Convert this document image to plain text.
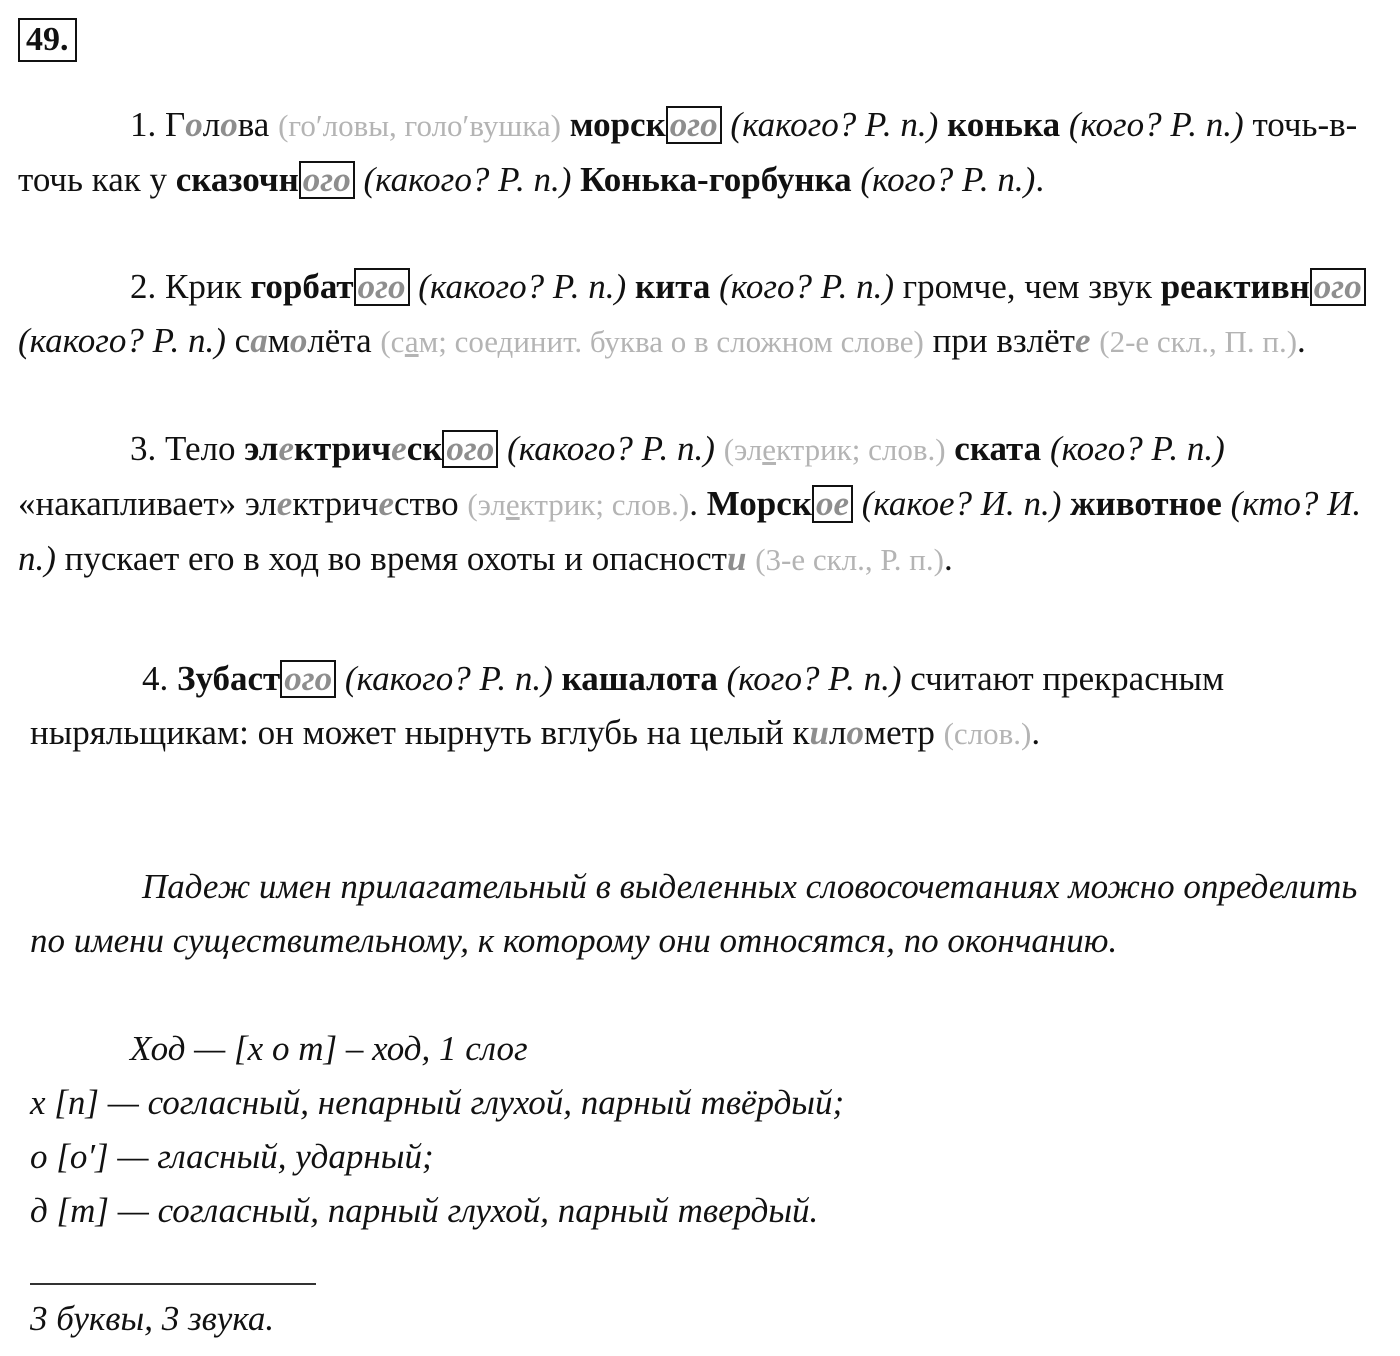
49.

1. Голова (го′ловы, голо′вушка) морск ого (какого? Р. п.) конька (кого? Р. п.) точь-в-точь как у сказочн ого (какого? Р. п.) Конька-горбунка (кого? Р. п.).

2. Крик горбат ого (какого? Р. п.) кита (кого? Р. п.) громче, чем звук реактивн ого (какого? Р. п.) самолёта (сам; соединит. буква о в сложном слове) при взлёте (2-е скл., П. п.).

3. Тело электрическ ого (какого? Р. п.) (электрик; слов.) ската (кого? Р. п.) «накапливает» электричество (электрик; слов.). Морск ое (какое? И. п.) животное (кто? И. п.) пускает его в ход во время охоты и опасности (3-е скл., Р. п.).

4. Зубаст ого (какого? Р. п.) кашалота (кого? Р. п.) считают прекрасным ныряльщикам: он может нырнуть вглубь на целый километр (слов.).

Падеж имен прилагательный в выделенных словосочетаниях можно определить по имени существительному, к которому они относятся, по окончанию.

Ход — [х о т] – ход, 1 слог
х [п] — согласный, непарный глухой, парный твёрдый;
о [о′] — гласный, ударный;
д [т] — согласный, парный глухой, парный твердый.
3 буквы, 3 звука.
